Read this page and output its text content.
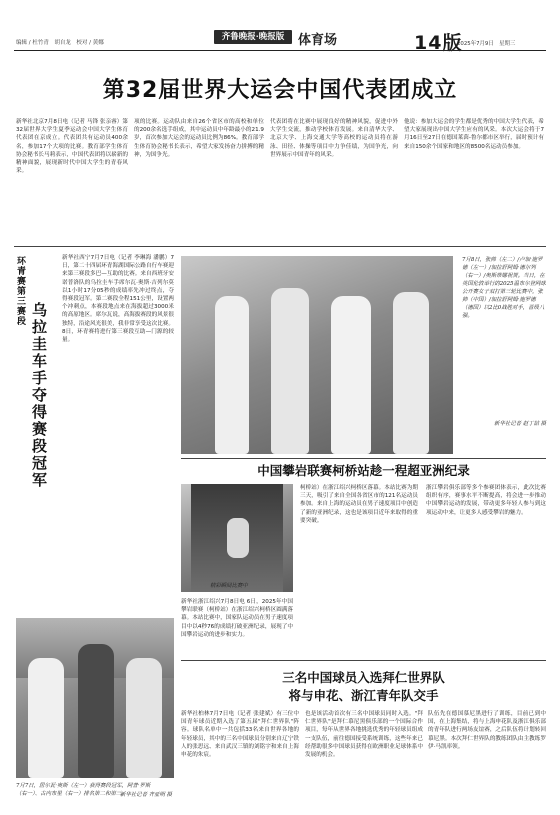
编辑 / 杜竹青　胡自龙　校对 / 黄娜
齐鲁晚报·晚报版	体育场	14版
2025年7月9日　星期三
第32届世界大运会中国代表团成立
新华社北京7月8日电（记者 马锋 张亲睿）第32届世界大学生夏季运动会中国大学生体育代表团在京成立。代表团共有运动员400余名，参加17个大项的比赛。教育部学生体育协会秘书长马莉表示，中国代表团将以崭新的精神面貌，展现新时代中国大学生的青春风采。
项的比赛。运动队由来自26个省区市的高校和单位的200余名选手组成，其中运动员中年龄最小的21.9岁，首次参加大运会的运动员比例为86%。教育部学生体育协会秘书长表示，希望大家发扬奋力拼搏的精神，为国争光。
代表团将在比赛中展现良好的精神风貌，促进中外大学生交流，推动学校体育发展。来自清华大学、北京大学、上海交通大学等高校的运动员将在游泳、田径、体操等项目中力争佳绩，为国争光，向世界展示中国青年的风采。
他说：参加大运会的学生都是优秀的中国大学生代表，希望大家展现出中国大学生应有的风采。本次大运会将于7月16日至27日在德国莱茵-鲁尔都市区举行，届时预计有来自150余个国家和地区的8500名运动员参加。
环青赛第三赛段
乌拉圭车手夺得赛段冠军
新华社西宁7月7日电（记者 李琳海 潘鹏）7日，第二十四届环青海湖国际公路自行车赛迎来第三赛段多巴—互助的比赛。来自西班牙安诺普洛队的乌拉圭车手席尔瓦·奥斯·吉列尔莫以1小时17分05秒的成绩率先冲过终点，夺得赛段冠军。第二赛段全程151公里，设置两个冲刺点，本赛段地点来在海拔超过3000米的高原地区。席尔瓦说，高海拔赛段的风景很独特，沿途风光很美，我非常享受这次比赛。8日，环青赛将进行第三赛段互助—门源的较量。
7月8日，张帅（左二）/卢加·施罗德（左一）/加拉舒阿姆·德尔列（右一）/奥斯蒂娜祝贺。当日，在英国伦敦举行的2025温布尔登网球公开赛女子双打第三轮比赛中，张帅（中国）/加拉舒阿姆·施罗德（德国）以2比0战胜对手，晋级八强。
新华社记者 赵丁喆 摄
中国攀岩联赛柯桥站趁一程超亚洲纪录
精彩瞬间比赛中
新华社浙江绍兴7月8日电 6日，2025年中国攀岩联赛（柯桥站）在浙江绍兴柯桥区圆满落幕。本站比赛中，国家队运动员在男子速度项目中以4秒76的成绩打破亚洲纪录，展现了中国攀岩运动的进步和实力。
柯桥站）在浙江绍兴柯桥区落幕。本站比赛为期三天，吸引了来自全国各省区市的121名运动员参加。来自上海的运动员在男子速度项目中创造了新的亚洲纪录，这也是该项目近年来取得的重要突破。
浙江攀岩俱乐部等多个参赛团体表示，此次比赛组织有序，赛事水平不断提高，将会进一步推动中国攀岩运动的发展，带动更多年轻人参与到这项运动中来，让更多人感受攀岩的魅力。
7月7日，居尔瓦·奥斯（左一）获得赛段冠军，阿普·罗斯（右一）、古内布里（右一）排名第二和第三。
新华社记者 齐亚明 摄
三名中国球员入选拜仁世界队
将与申花、浙江青年队交手
新华社柏林7月7日电（记者 张建斌）有三位中国青年球员近期入选了第五届"拜仁世界队"阵容。球队名单中一共包括33名来自世界各地的年轻球员，其中的三名中国球员分别来自辽宁铁人的张思远、来自武汉三镇的刘铭宇和来自上海申花的朱宸。
也是该活动首次有三名中国球员同时入选。"拜仁世界队"是拜仁慕尼黑俱乐部的一个国际合作项目，每年从世界各地挑选优秀的年轻球员组成一支队伍，前往德国接受系统训练，这些年来已经帮助很多中国球员获得在欧洲职业足球体系中发展的机会。
队伍先在德国慕尼黑进行了训练，目前已到中国，在上海集结，将与上海申花队及浙江俱乐部的青年队进行两场友谊赛，之后队伍将计划转回慕尼黑。本次拜仁世界队的教练团队由主教练罗伊·马凯率领。
